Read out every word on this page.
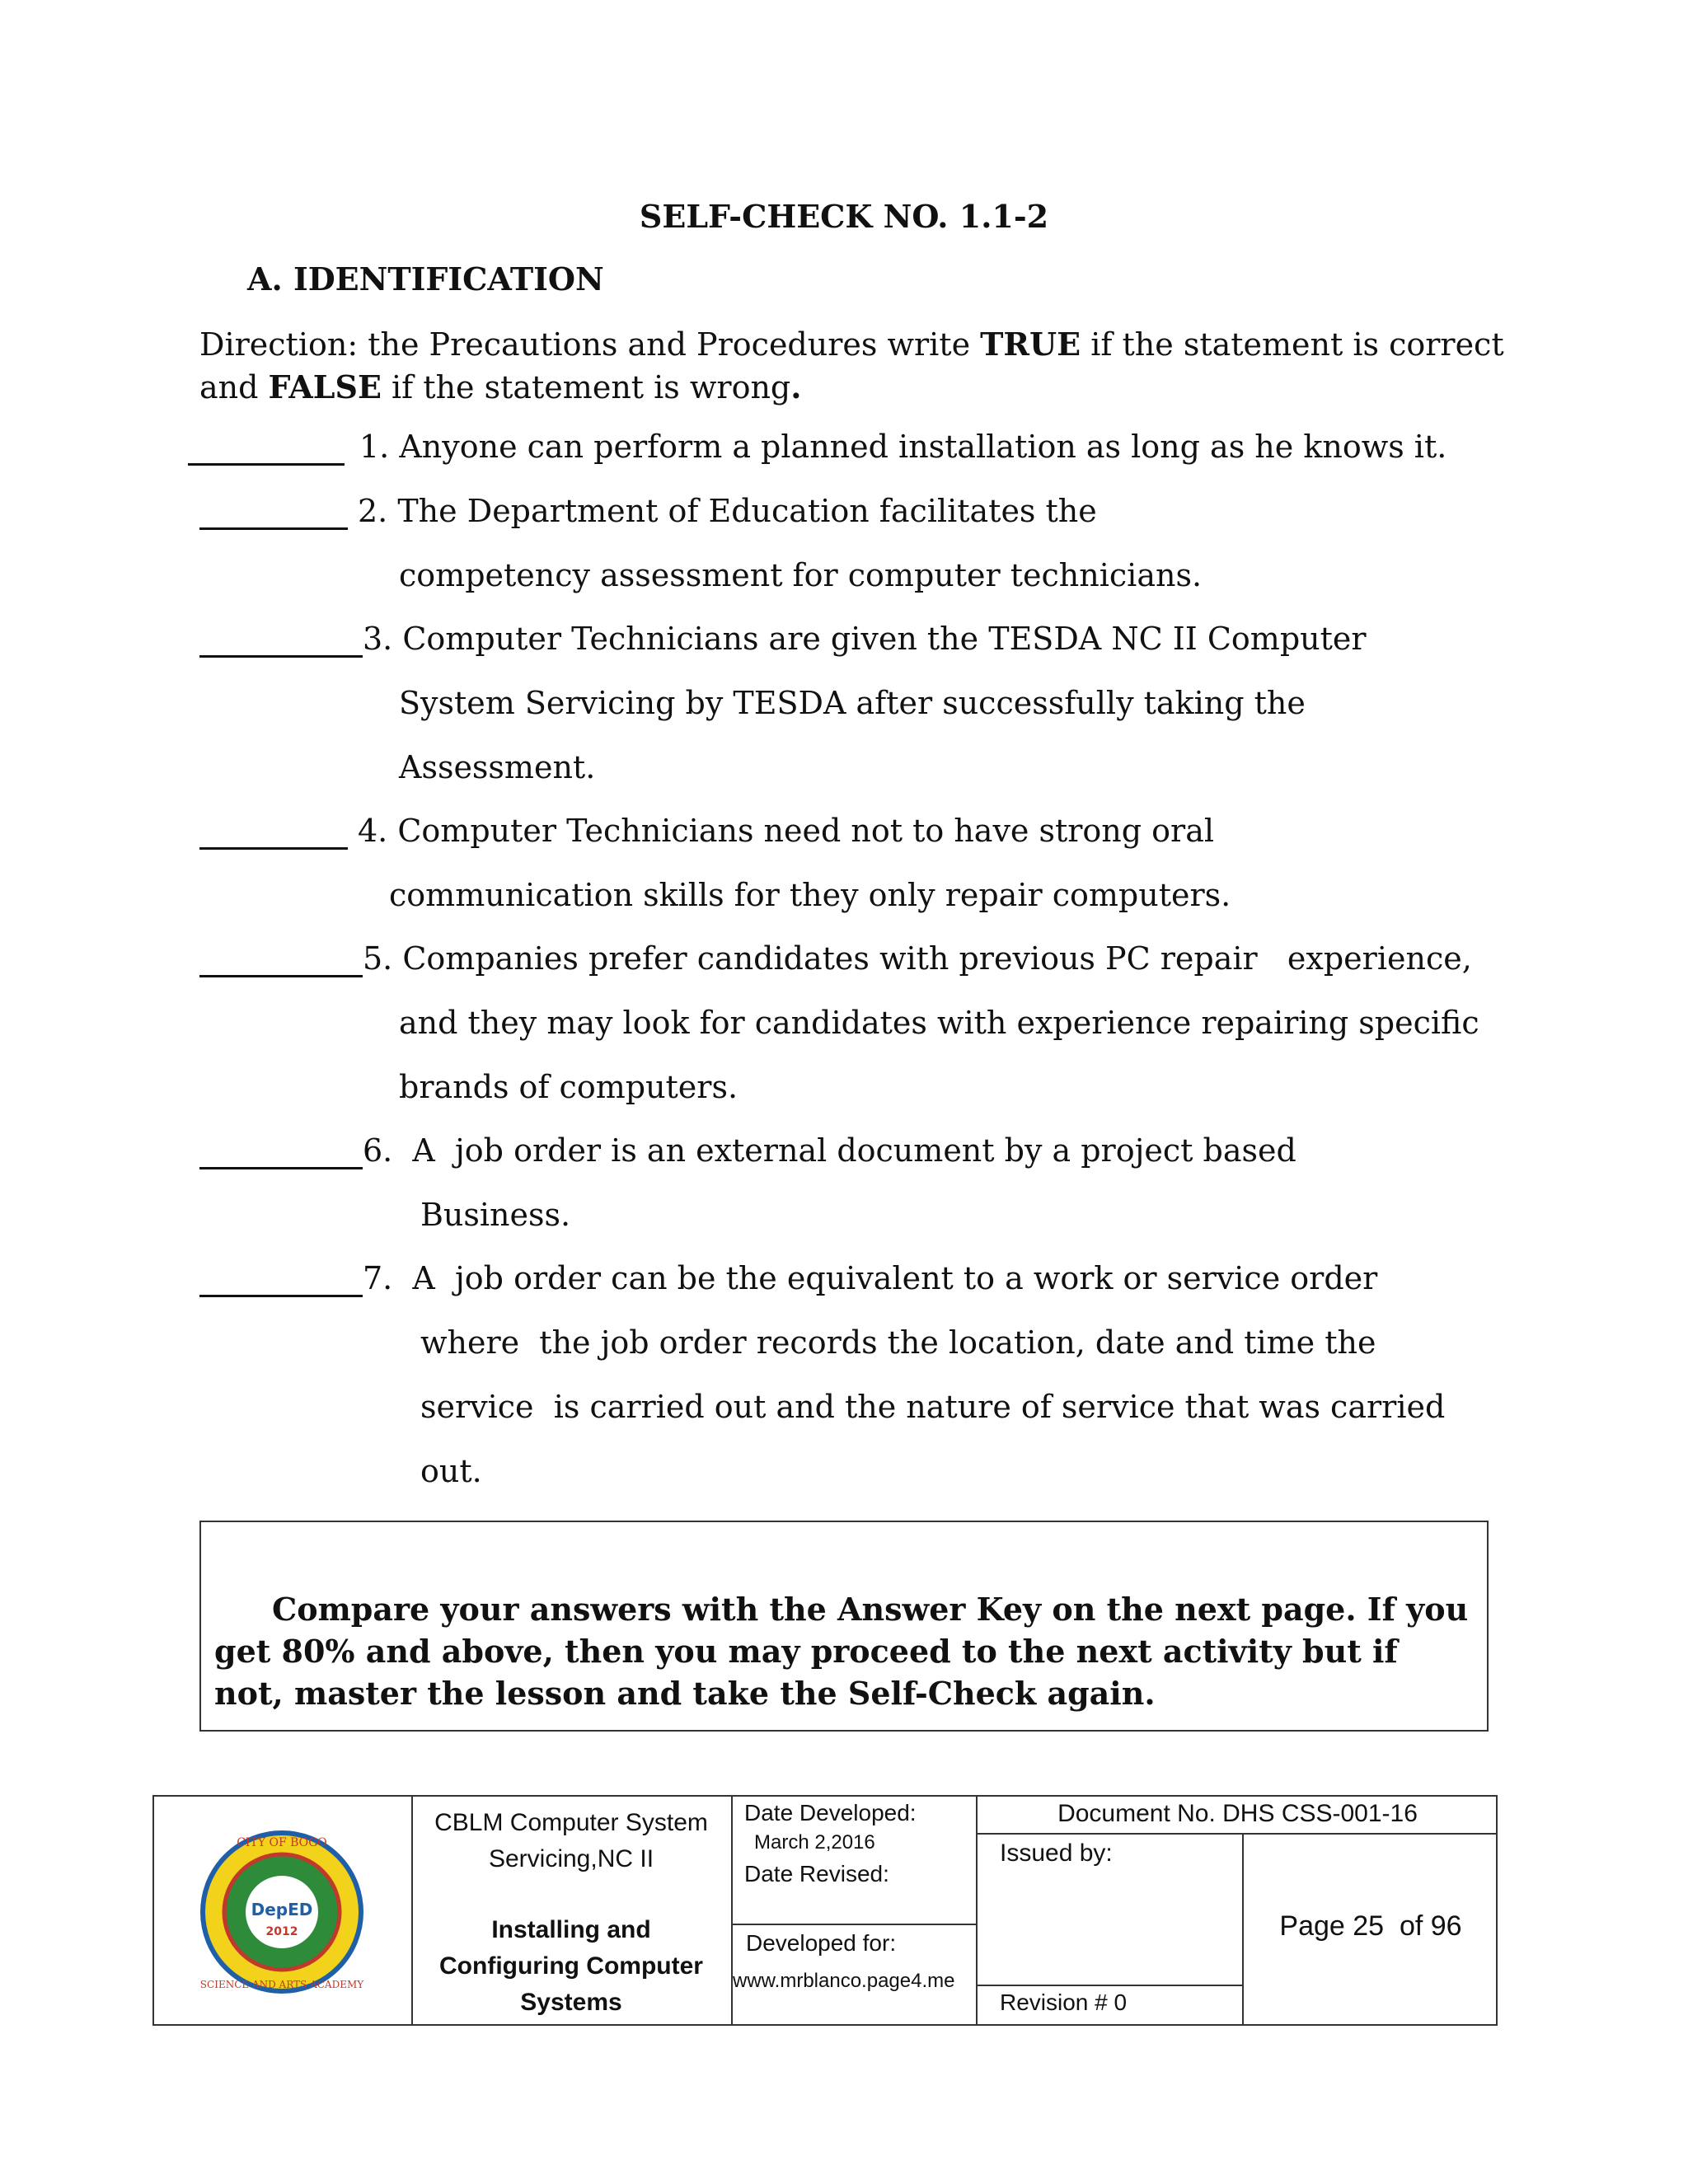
SELF-CHECK NO. 1.1-2
A. IDENTIFICATION
Direction: the Precautions and Procedures write TRUE if the statement is correct and FALSE if the statement is wrong.
1. Anyone can perform a planned installation as long as he knows it.
2. The Department of Education facilitates the
competency assessment for computer technicians.
3. Computer Technicians are given the TESDA NC II Computer
System Servicing by TESDA after successfully taking the
Assessment.
4. Computer Technicians need not to have strong oral
communication skills for they only repair computers.
5. Companies prefer candidates with previous PC repair   experience,
and they may look for candidates with experience repairing specific
brands of computers.
6.  A  job order is an external document by a project based
Business.
7.  A  job order can be the equivalent to a work or service order
where  the job order records the location, date and time the
service  is carried out and the nature of service that was carried
out.

Compare your answers with the Answer Key on the next page. If you get 80% and above, then you may proceed to the next activity but if not, master the lesson and take the Self-Check again.

CITY OF BOGO
SCIENCE AND ARTS ACADEMY
DepED
2012
CBLM Computer System
Servicing,NC II
Installing and
Configuring Computer
Systems
Date Developed:
March 2,2016
Date Revised:
Developed for:
www.mrblanco.page4.me
Document No. DHS CSS-001-16
Issued by:
Revision # 0
Page 25  of 96
